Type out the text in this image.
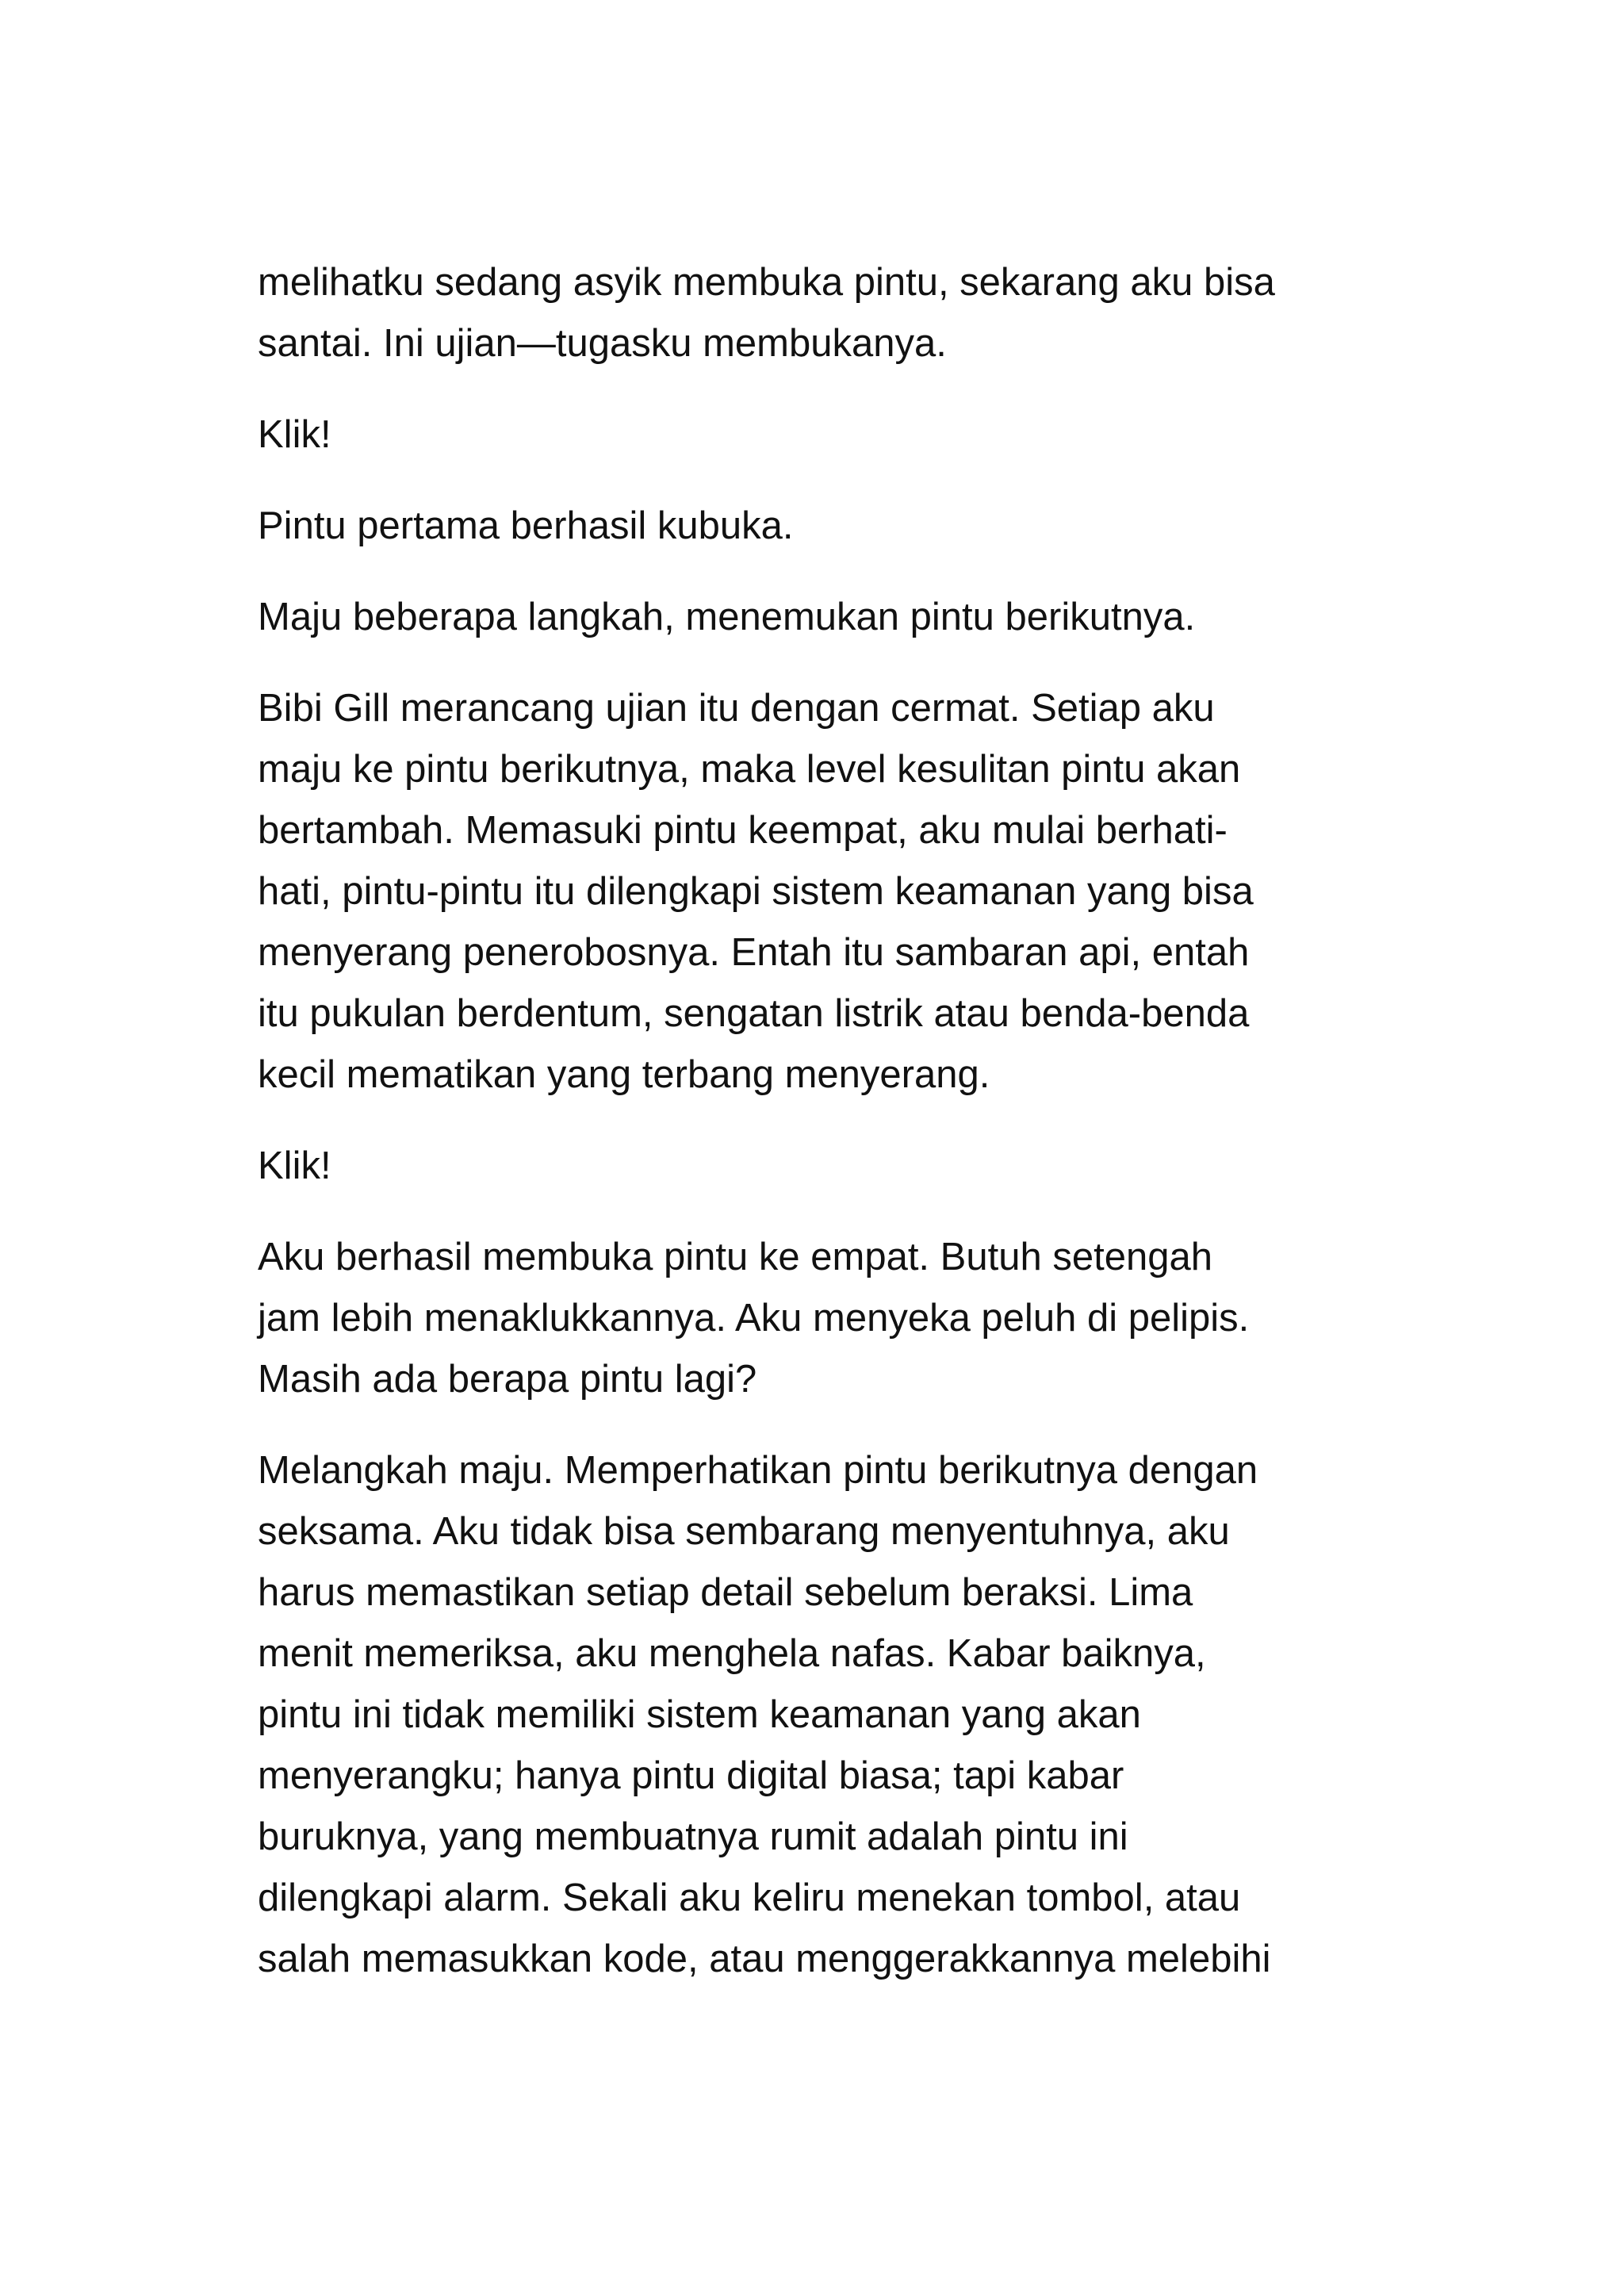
melihatku sedang asyik membuka pintu, sekarang aku bisa
santai. Ini ujian—tugasku membukanya.
Klik!
Pintu pertama berhasil kubuka.
Maju beberapa langkah, menemukan pintu berikutnya.
Bibi Gill merancang ujian itu dengan cermat. Setiap aku
maju ke pintu berikutnya, maka level kesulitan pintu akan
bertambah. Memasuki pintu keempat, aku mulai berhati-
hati, pintu-pintu itu dilengkapi sistem keamanan yang bisa
menyerang penerobosnya. Entah itu sambaran api, entah
itu pukulan berdentum, sengatan listrik atau benda-benda
kecil mematikan yang terbang menyerang.
Klik!
Aku berhasil membuka pintu ke empat. Butuh setengah
jam lebih menaklukkannya. Aku menyeka peluh di pelipis.
Masih ada berapa pintu lagi?
Melangkah maju. Memperhatikan pintu berikutnya dengan
seksama. Aku tidak bisa sembarang menyentuhnya, aku
harus memastikan setiap detail sebelum beraksi. Lima
menit memeriksa, aku menghela nafas. Kabar baiknya,
pintu ini tidak memiliki sistem keamanan yang akan
menyerangku; hanya pintu digital biasa; tapi kabar
buruknya, yang membuatnya rumit adalah pintu ini
dilengkapi alarm. Sekali aku keliru menekan tombol, atau
salah memasukkan kode, atau menggerakkannya melebihi
